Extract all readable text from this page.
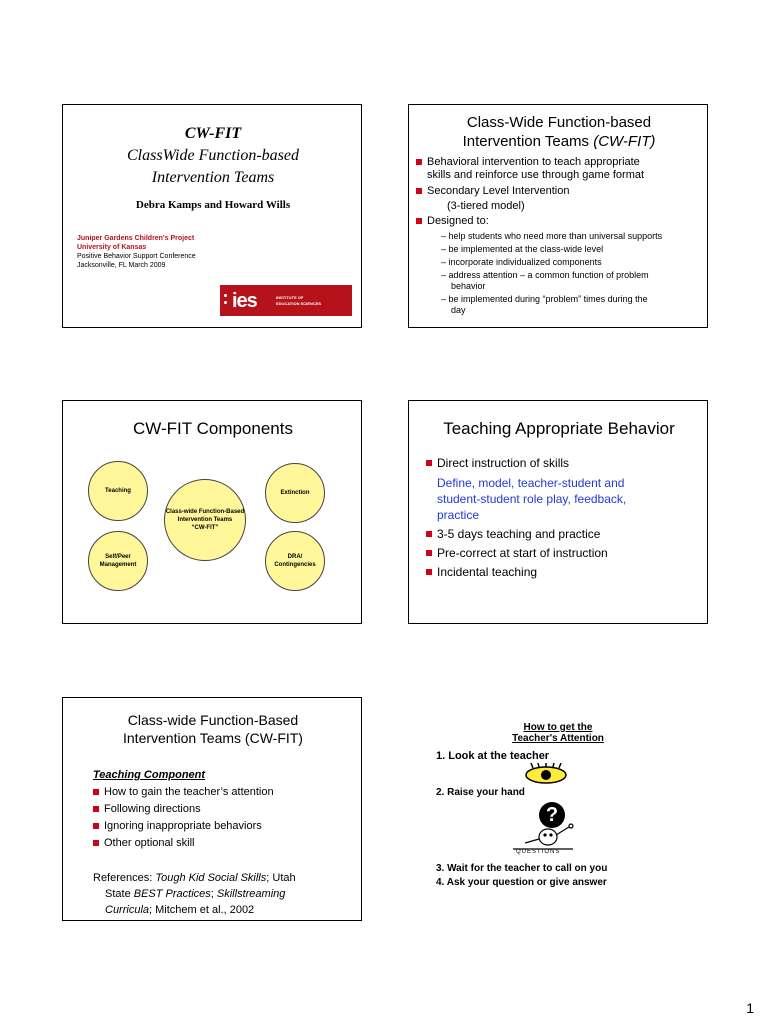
CW-FIT
ClassWide Function-based
Intervention Teams
Debra Kamps and Howard Wills
Juniper Gardens Children's Project
University of Kansas
Positive Behavior Support Conference
Jacksonville, FL March 2009
ies	INSTITUTE OF
EDUCATION SCIENCES
Class-Wide Function-based
Intervention Teams (CW-FIT)
Behavioral intervention to teach appropriate
skills and reinforce use through game format
Secondary Level Intervention
(3-tiered model)
Designed to:
– help students who need more than universal supports
– be implemented at the class-wide level
– incorporate individualized components
– address attention – a common function of problem
behavior
– be implemented during “problem” times during the
day
CW-FIT Components
Teaching	Extinction
Class-wide Function-Based
Intervention Teams
“CW-FIT”
Self/Peer
Management
DRA/
Contingencies
Teaching Appropriate Behavior
Direct instruction of skills
Define, model, teacher-student and
student-student role play, feedback,
practice
3-5 days teaching and practice
Pre-correct at start of instruction
Incidental teaching
Class-wide Function-Based
Intervention Teams (CW-FIT)
Teaching Component
How to gain the teacher’s attention
Following directions
Ignoring inappropriate behaviors
Other optional skill
References: Tough Kid Social Skills; Utah
State BEST Practices; Skillstreaming
Curricula; Mitchem et al., 2002
How to get the
Teacher's Attention
1. Look at the teacher
2. Raise your hand
?
QUESTIONS
3. Wait for the teacher to call on you
4. Ask your question or give answer
1
